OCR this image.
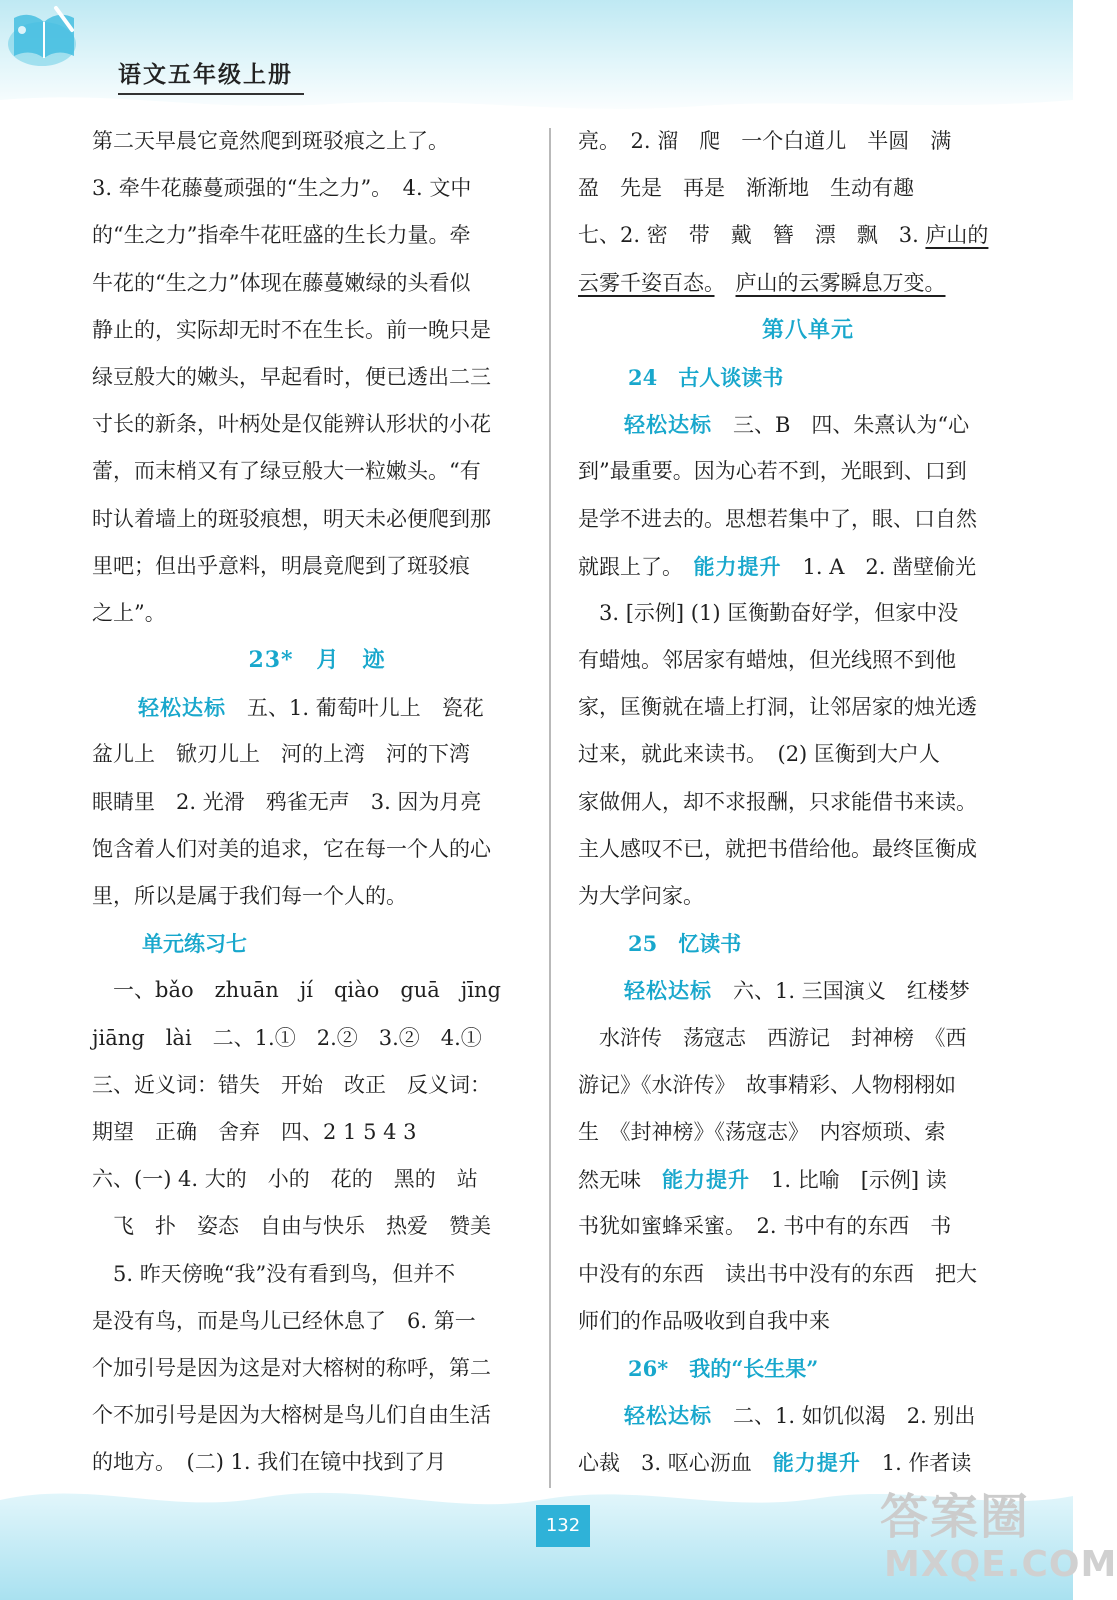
语文五年级上册
第二天早晨它竟然爬到斑驳痕之上了。
3. 牵牛花藤蔓顽强的“生之力”。　4. 文中
的“生之力”指牵牛花旺盛的生长力量。牵
牛花的“生之力”体现在藤蔓嫩绿的头看似
静止的，实际却无时不在生长。前一晚只是
绿豆般大的嫩头，早起看时，便已透出二三
寸长的新条，叶柄处是仅能辨认形状的小花
蕾，而末梢又有了绿豆般大一粒嫩头。“有
时认着墙上的斑驳痕想，明天未必便爬到那
里吧；但出乎意料，明晨竟爬到了斑驳痕
之上”。
23*　月　迹
轻松达标　五、1. 葡萄叶儿上　瓷花
盆儿上　锨刃儿上　河的上湾　河的下湾
眼睛里　2. 光滑　鸦雀无声　3. 因为月亮
饱含着人们对美的追求，它在每一个人的心
里，所以是属于我们每一个人的。
单元练习七
　一、bǎo　zhuān　jí　qiào　guā　jīng
jiāng　lài　二、1.①　2.②　3.②　4.①
三、近义词：错失　开始　改正　反义词：
期望　正确　舍弃　四、2 1 5 4 3
六、(一) 4. 大的　小的　花的　黑的　站
　飞　扑　姿态　自由与快乐　热爱　赞美
　5. 昨天傍晚“我”没有看到鸟，但并不
是没有鸟，而是鸟儿已经休息了　6. 第一
个加引号是因为这是对大榕树的称呼，第二
个不加引号是因为大榕树是鸟儿们自由生活
的地方。　(二) 1. 我们在镜中找到了月
亮。　2. 溜　爬　一个白道儿　半圆　满
盈　先是　再是　渐渐地　生动有趣
七、2. 密　带　戴　簪　漂　飘　3. 庐山的
云雾千姿百态。　 庐山的云雾瞬息万变。
第八单元
24　古人谈读书
轻松达标　三、B　四、朱熹认为“心
到”最重要。因为心若不到，光眼到、口到
是学不进去的。思想若集中了，眼、口自然
就跟上了。　能力提升　1. A　2. 凿壁偷光
　3. [示例] (1) 匡衡勤奋好学，但家中没
有蜡烛。邻居家有蜡烛，但光线照不到他
家，匡衡就在墙上打洞，让邻居家的烛光透
过来，就此来读书。　(2) 匡衡到大户人
家做佣人，却不求报酬，只求能借书来读。
主人感叹不已，就把书借给他。最终匡衡成
为大学问家。
25　忆读书
轻松达标　六、1. 三国演义　红楼梦
　水浒传　荡寇志　西游记　封神榜　《西
游记》《水浒传》　故事精彩、人物栩栩如
生　《封神榜》《荡寇志》　内容烦琐、索
然无味　能力提升　1. 比喻　[示例] 读
书犹如蜜蜂采蜜。　2. 书中有的东西　书
中没有的东西　读出书中没有的东西　把大
师们的作品吸收到自我中来
26*　我的“长生果”
轻松达标　二、1. 如饥似渴　2. 别出
心裁　3. 呕心沥血　能力提升　1. 作者读
132	答案圈
MXQE.COM
